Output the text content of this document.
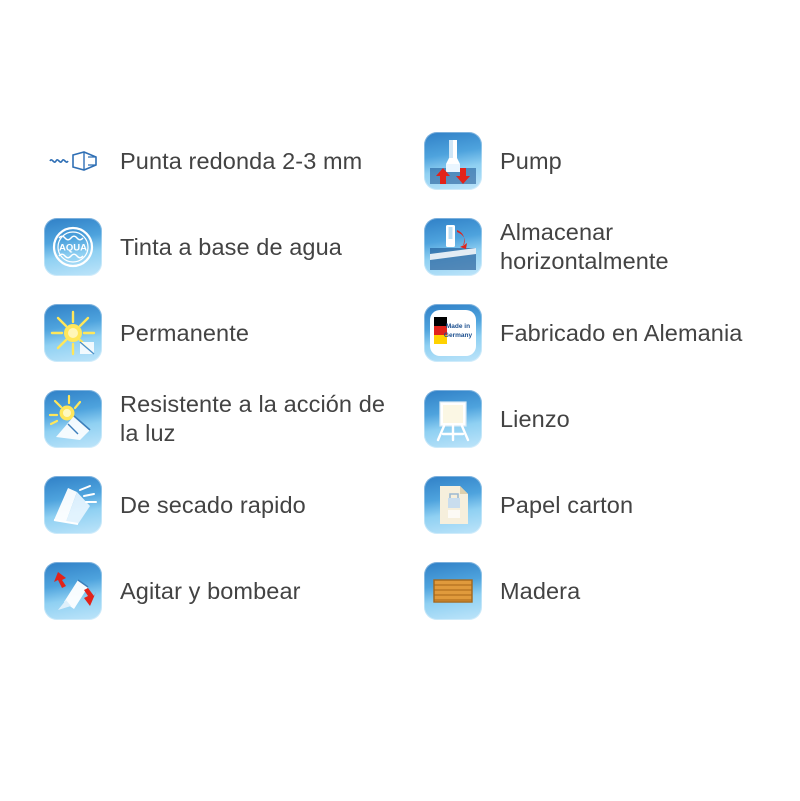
Punta redonda 2-3 mm
AQUA Tinta a base de agua
Permanente
Resistente a la acción de la luz
De secado rapido
Agitar y bombear
Pump
Almacenar horizontalmente
Made in
Germany Fabricado en Alemania
Lienzo
Papel carton
Madera
